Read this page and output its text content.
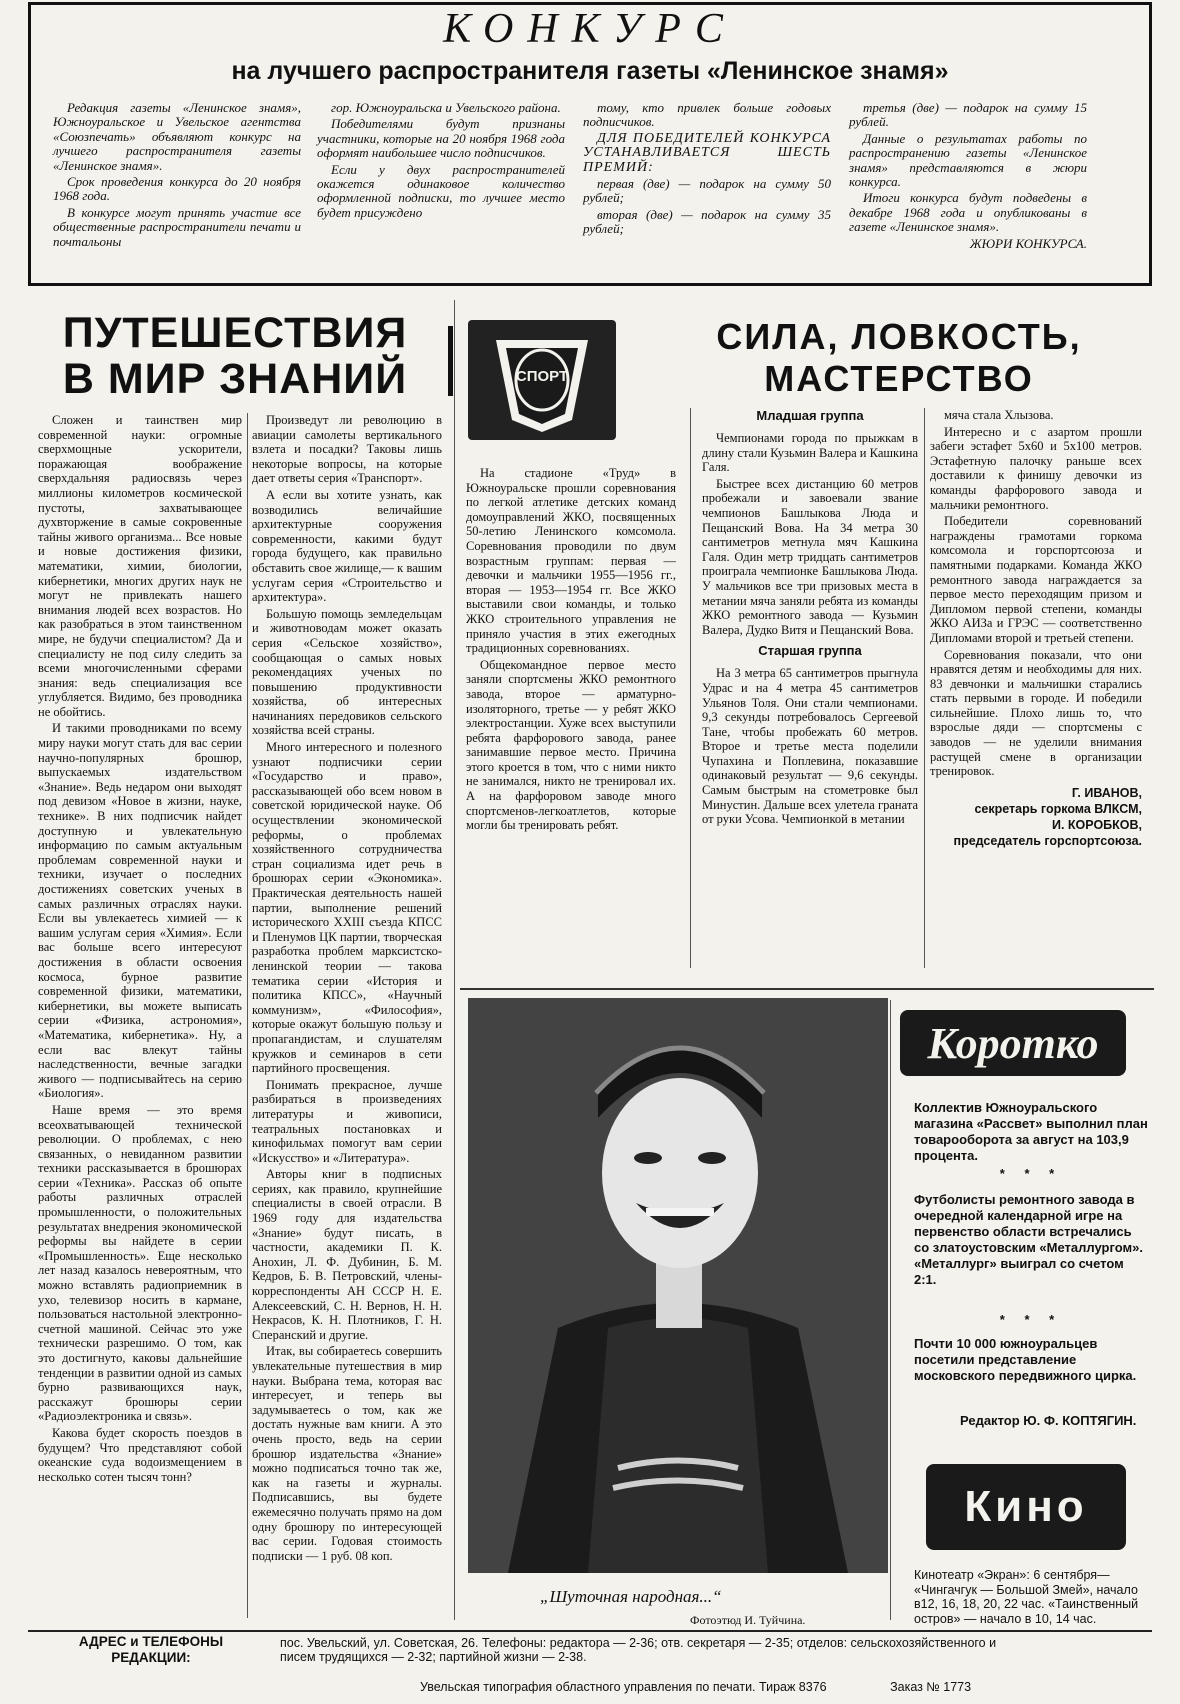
КОНКУРС
на лучшего распространителя газеты «Ленинское знамя»

Редакция газеты «Ленинское знамя», Южноуральское и Увельское агентства «Союзпечать» объявляют конкурс на лучшего распространителя газеты «Ленинское знамя».

Срок проведения конкурса до 20 ноября 1968 года.

В конкурсе могут принять участие все общественные распространители печати и почтальоны

гор. Южноуральска и Увельского района.

Победителями будут признаны участники, которые на 20 ноября 1968 года оформят наибольшее число подписчиков.

Если у двух распространителей окажется одинаковое количество оформленной подписки, то лучшее место будет присуждено

тому, кто привлек больше годовых подписчиков.

ДЛЯ ПОБЕДИТЕЛЕЙ КОНКУРСА УСТАНАВЛИВАЕТСЯ ШЕСТЬ ПРЕМИЙ:

первая (две) — подарок на сумму 50 рублей;

вторая (две) — подарок на сумму 35 рублей;

третья (две) — подарок на сумму 15 рублей.

Данные о результатах работы по распространению газеты «Ленинское знамя» представляются в жюри конкурса.

Итоги конкурса будут подведены в декабре 1968 года и опубликованы в газете «Ленинское знамя».

ЖЮРИ КОНКУРСА.

ПУТЕШЕСТВИЯ
В МИР ЗНАНИЙ

Сложен и таинствен мир современной науки: огромные сверхмощные ускорители, поражающая воображение сверхдальняя радиосвязь через миллионы километров космической пустоты, захватывающее духвторжение в самые сокровенные тайны живого организма... Все новые и новые достижения физики, математики, химии, биологии, кибернетики, многих других наук не могут не привлекать нашего внимания людей всех возрастов. Но как разобраться в этом таинственном мире, не будучи специалистом? Да и специалисту не под силу следить за всеми многочисленными сферами знания: ведь специализация все углубляется. Видимо, без проводника не обойтись.

И такими проводниками по всему миру науки могут стать для вас серии научно-популярных брошюр, выпускаемых издательством «Знание». Ведь недаром они выходят под девизом «Новое в жизни, науке, технике». В них подписчик найдет доступную и увлекательную информацию по самым актуальным проблемам современной науки и техники, изучает о последних достижениях советских ученых в самых различных отраслях науки. Если вы увлекаетесь химией — к вашим услугам серия «Химия». Если вас больше всего интересуют достижения в области освоения космоса, бурное развитие современной физики, математики, кибернетики, вы можете выписать серии «Физика, астрономия», «Математика, кибернетика». Ну, а если вас влекут тайны наследственности, вечные загадки живого — подписывайтесь на серию «Биология».

Наше время — это время всеохватывающей технической революции. О проблемах, с нею связанных, о невиданном развитии техники рассказывается в брошюрах серии «Техника». Рассказ об опыте работы различных отраслей промышленности, о положительных результатах внедрения экономической реформы вы найдете в серии «Промышленность». Еще несколько лет назад казалось невероятным, что можно вставлять радиоприемник в ухо, телевизор носить в кармане, пользоваться настольной электронно-счетной машиной. Сейчас это уже технически разрешимо. О том, как это достигнуто, каковы дальнейшие тенденции в развитии одной из самых бурно развивающихся наук, расскажут брошюры серии «Радиоэлектроника и связь».

Какова будет скорость поездов в будущем? Что представляют собой океанские суда водоизмещением в несколько сотен тысяч тонн?

Произведут ли революцию в авиации самолеты вертикального взлета и посадки? Таковы лишь некоторые вопросы, на которые дает ответы серия «Транспорт».

А если вы хотите узнать, как возводились величайшие архитектурные сооружения современности, какими будут города будущего, как правильно обставить свое жилище,— к вашим услугам серия «Строительство и архитектура».

Большую помощь земледельцам и животноводам может оказать серия «Сельское хозяйство», сообщающая о самых новых рекомендациях ученых по повышению продуктивности хозяйства, об интересных начинаниях передовиков сельского хозяйства всей страны.

Много интересного и полезного узнают подписчики серии «Государство и право», рассказывающей обо всем новом в советской юридической науке. Об осуществлении экономической реформы, о проблемах хозяйственного сотрудничества стран социализма идет речь в брошюрах серии «Экономика». Практическая деятельность нашей партии, выполнение решений исторического XXIII съезда КПСС и Пленумов ЦК партии, творческая разработка проблем марксистско-ленинской теории — такова тематика серии «История и политика КПСС», «Научный коммунизм», «Философия», которые окажут большую пользу и пропагандистам, и слушателям кружков и семинаров в сети партийного просвещения.

Понимать прекрасное, лучше разбираться в произведениях литературы и живописи, театральных постановках и кинофильмах помогут вам серии «Искусство» и «Литература».

Авторы книг в подписных сериях, как правило, крупнейшие специалисты в своей отрасли. В 1969 году для издательства «Знание» будут писать, в частности, академики П. К. Анохин, Л. Ф. Дубинин, Б. М. Кедров, Б. В. Петровский, члены-корреспонденты АН СССР Н. Е. Алексеевский, С. Н. Вернов, Н. Н. Некрасов, К. Н. Плотников, Г. Н. Сперанский и другие.

Итак, вы собираетесь совершить увлекательные путешествия в мир науки. Выбрана тема, которая вас интересует, и теперь вы задумываетесь о том, как же достать нужные вам книги. А это очень просто, ведь на серии брошюр издательства «Знание» можно подписаться точно так же, как на газеты и журналы. Подписавшись, вы будете ежемесячно получать прямо на дом одну брошюру по интересующей вас серии. Годовая стоимость подписки — 1 руб. 08 коп.

СПОРТ
СИЛА, ЛОВКОСТЬ,
МАСТЕРСТВО

На стадионе «Труд» в Южноуральске прошли соревнования по легкой атлетике детских команд домоуправлений ЖКО, посвященных 50-летию Ленинского комсомола. Соревнования проводили по двум возрастным группам: первая — девочки и мальчики 1955—1956 гг., вторая — 1953—1954 гг. Все ЖКО выставили свои команды, и только ЖКО строительного управления не приняло участия в этих ежегодных традиционных соревнованиях.

Общекомандное первое место заняли спортсмены ЖКО ремонтного завода, второе — арматурно-изоляторного, третье — у ребят ЖКО электростанции. Хуже всех выступили ребята фарфорового завода, ранее занимавшие первое место. Причина этого кроется в том, что с ними никто не занимался, никто не тренировал их. А на фарфоровом заводе много спортсменов-легкоатлетов, которые могли бы тренировать ребят.

Младшая группа

Чемпионами города по прыжкам в длину стали Кузьмин Валера и Кашкина Галя.

Быстрее всех дистанцию 60 метров пробежали и завоевали звание чемпионов Башлыкова Люда и Пещанский Вова. На 34 метра 30 сантиметров метнула мяч Кашкина Галя. Один метр тридцать сантиметров проиграла чемпионке Башлыкова Люда. У мальчиков все три призовых места в метании мяча заняли ребята из команды ЖКО ремонтного завода — Кузьмин Валера, Дудко Витя и Пещанский Вова.

Старшая группа

На 3 метра 65 сантиметров прыгнула Удрас и на 4 метра 45 сантиметров Ульянов Толя. Они стали чемпионами. 9,3 секунды потребовалось Сергеевой Тане, чтобы пробежать 60 метров. Второе и третье места поделили Чупахина и Поплевина, показавшие одинаковый результат — 9,6 секунды. Самым быстрым на стометровке был Минустин. Дальше всех улетела граната от руки Усова. Чемпионкой в метании

мяча стала Хлызова.

Интересно и с азартом прошли забеги эстафет 5х60 и 5х100 метров. Эстафетную палочку раньше всех доставили к финишу девочки из команды фарфорового завода и мальчики ремонтного.

Победители соревнований награждены грамотами горкома комсомола и горспортсоюза и памятными подарками. Команда ЖКО ремонтного завода награждается за первое место переходящим призом и Дипломом первой степени, команды ЖКО АИЗа и ГРЭС — соответственно Дипломами второй и третьей степени.

Соревнования показали, что они нравятся детям и необходимы для них. 83 девчонки и мальчишки старались стать первыми в городе. И победили сильнейшие. Плохо лишь то, что взрослые дяди — спортсмены с заводов — не уделили внимания растущей смене в организации тренировок.

Г. ИВАНОВ,
секретарь горкома ВЛКСМ,
И. КОРОБКОВ,
председатель горспортсоюза.
„Шуточная народная...“
Фотоэтюд И. Туйчина.
Коротко
Коллектив Южноуральского магазина «Рассвет» выполнил план товарооборота за август на 103,9 процента.
* * *
Футболисты ремонтного завода в очередной календарной игре на первенство области встречались со златоустовским «Металлургом». «Металлург» выиграл со счетом 2:1.
* * *
Почти 10 000 южноуральцев посетили представление московского передвижного цирка.
Редактор Ю. Ф. КОПТЯГИН.
Кино
Кинотеатр «Экран»: 6 сентября— «Чингачгук — Большой Змей», начало в12, 16, 18, 20, 22 час. «Таинственный остров» — начало в 10, 14 час.
АДРЕС и ТЕЛЕФОНЫ РЕДАКЦИИ:
пос. Увельский, ул. Советская, 26. Телефоны: редактора — 2-36; отв. секретаря — 2-35; отделов: сельскохозяйственного и писем трудящихся — 2-32; партийной жизни — 2-38.
Увельская типография областного управления по печати. Тираж 8376	Заказ № 1773
